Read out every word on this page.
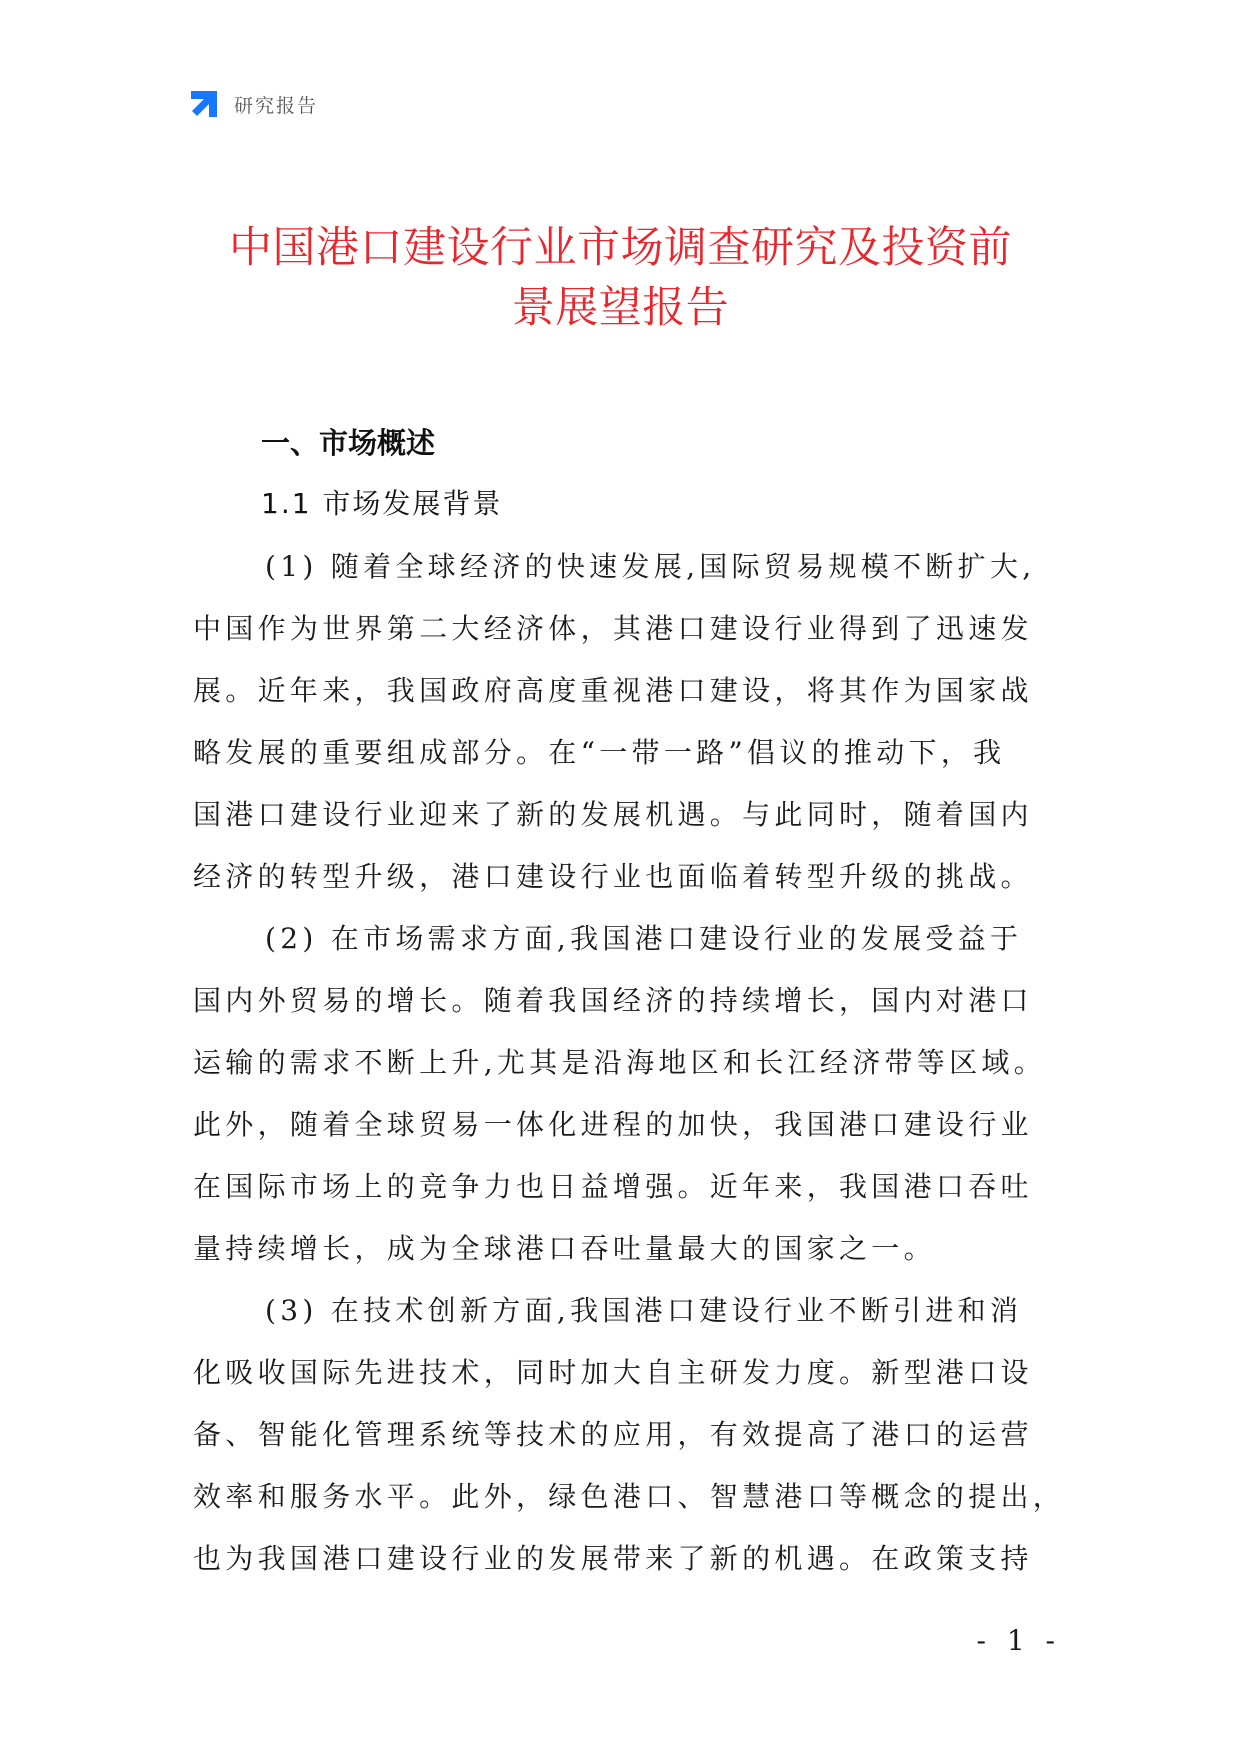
研究报告
中国港口建设行业市场调查研究及投资前
景展望报告
一、市场概述
1.1 市场发展背景

(1) 随着全球经济的快速发展,国际贸易规模不断扩大,
中国作为世界第二大经济体，其港口建设行业得到了迅速发
展。近年来，我国政府高度重视港口建设，将其作为国家战
略发展的重要组成部分。在“一带一路”倡议的推动下，我
国港口建设行业迎来了新的发展机遇。与此同时，随着国内
经济的转型升级，港口建设行业也面临着转型升级的挑战。

(2) 在市场需求方面,我国港口建设行业的发展受益于
国内外贸易的增长。随着我国经济的持续增长，国内对港口
运输的需求不断上升,尤其是沿海地区和长江经济带等区域。
此外，随着全球贸易一体化进程的加快，我国港口建设行业
在国际市场上的竞争力也日益增强。近年来，我国港口吞吐
量持续增长，成为全球港口吞吐量最大的国家之一。

(3) 在技术创新方面,我国港口建设行业不断引进和消
化吸收国际先进技术，同时加大自主研发力度。新型港口设
备、智能化管理系统等技术的应用，有效提高了港口的运营
效率和服务水平。此外，绿色港口、智慧港口等概念的提出，
也为我国港口建设行业的发展带来了新的机遇。在政策支持

- 1 -
